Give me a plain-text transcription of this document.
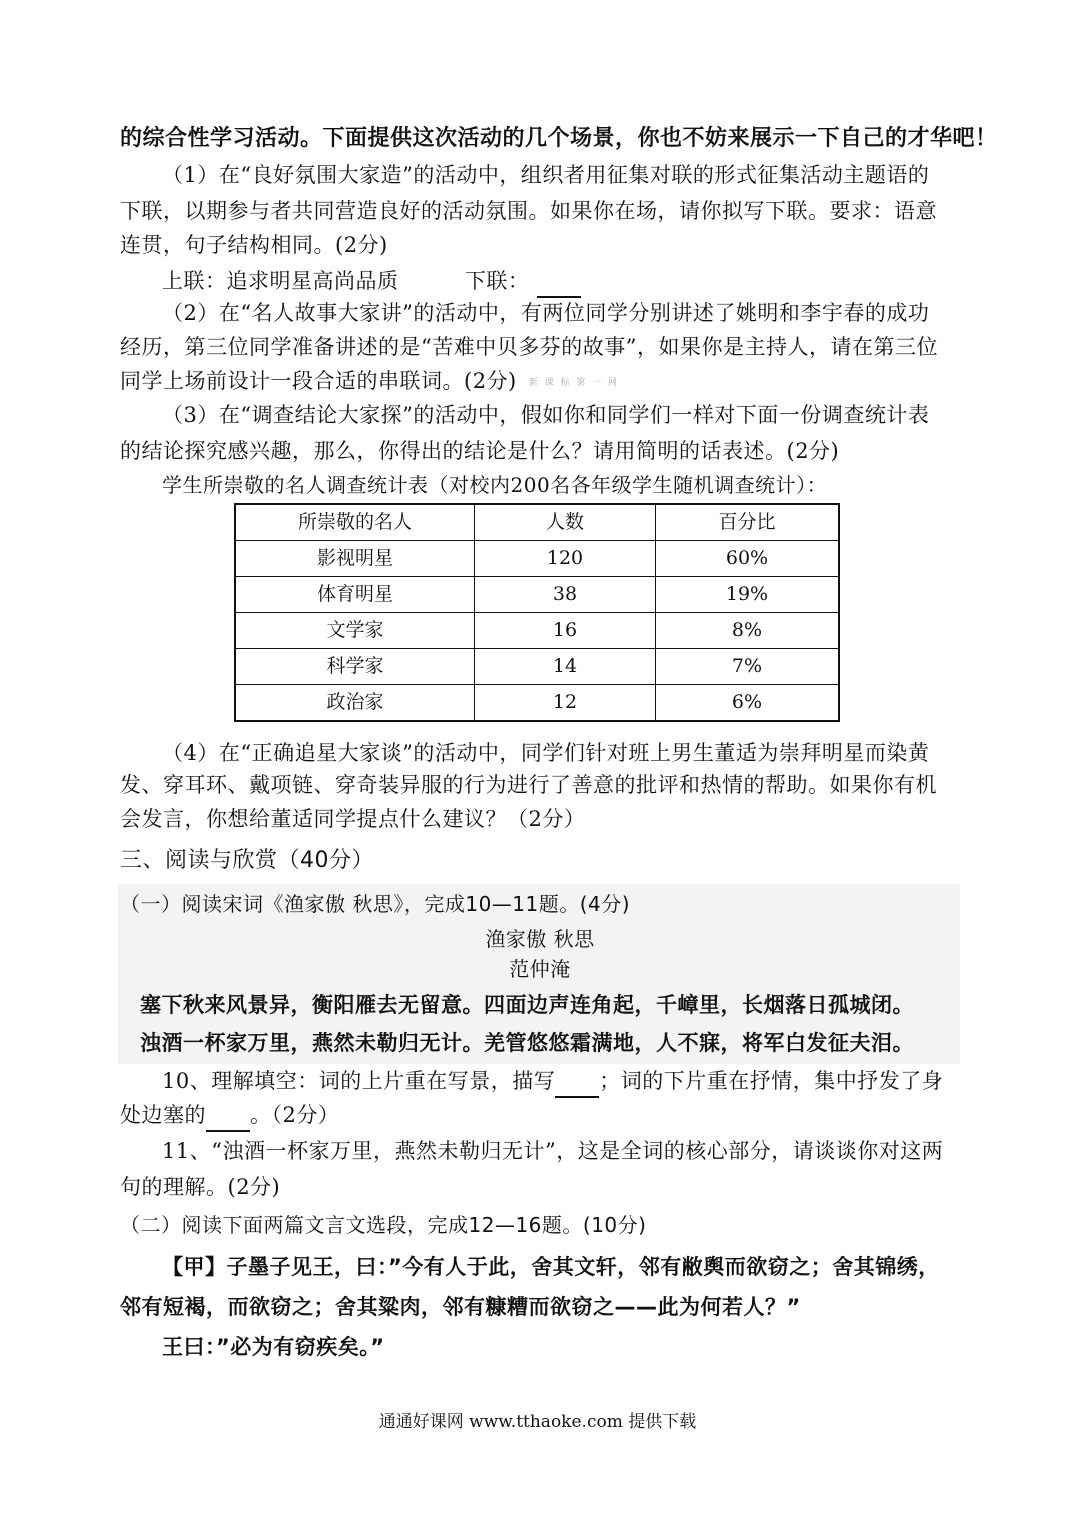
的综合性学习活动。下面提供这次活动的几个场景，你也不妨来展示一下自己的才华吧！
（1）在“良好氛围大家造”的活动中，组织者用征集对联的形式征集活动主题语的
下联，以期参与者共同营造良好的活动氛围。如果你在场，请你拟写下联。要求：语意
连贯，句子结构相同。(2分)
上联：追求明星高尚品质	下联：
（2）在“名人故事大家讲”的活动中，有两位同学分别讲述了姚明和李宇春的成功
经历，第三位同学准备讲述的是“苦难中贝多芬的故事”，如果你是主持人，请在第三位
同学上场前设计一段合适的串联词。(2分) 新 课 标 第 一 网
（3）在“调查结论大家探”的活动中，假如你和同学们一样对下面一份调查统计表
的结论探究感兴趣，那么，你得出的结论是什么？请用简明的话表述。(2分)
学生所崇敬的名人调查统计表（对校内200名各年级学生随机调查统计）：
所崇敬的名人	人数	百分比
影视明星	120	60%
体育明星	38	19%
文学家	16	8%
科学家	14	7%
政治家	12	6%
（4）在“正确追星大家谈”的活动中，同学们针对班上男生董适为崇拜明星而染黄
发、穿耳环、戴项链、穿奇装异服的行为进行了善意的批评和热情的帮助。如果你有机
会发言，你想给董适同学提点什么建议？（2分）
三、阅读与欣赏（40分）
（一）阅读宋词《渔家傲 秋思》，完成10—11题。(4分)
渔家傲 秋思
范仲淹
塞下秋来风景异，衡阳雁去无留意。四面边声连角起，千嶂里，长烟落日孤城闭。
浊酒一杯家万里，燕然未勒归无计。羌管悠悠霜满地，人不寐，将军白发征夫泪。
10、理解填空：词的上片重在写景，描写 ；词的下片重在抒情，集中抒发了身
处边塞的 。（2分）
11、“浊酒一杯家万里，燕然未勒归无计”，这是全词的核心部分，请谈谈你对这两
句的理解。(2分)
（二）阅读下面两篇文言文选段，完成12—16题。(10分)
【甲】子墨子见王，曰：”今有人于此，舍其文轩，邻有敝舆而欲窃之；舍其锦绣，
邻有短褐，而欲窃之；舍其粱肉，邻有糠糟而欲窃之——此为何若人？”
王曰：”必为有窃疾矣。”
通通好课网 www.tthaoke.com 提供下载
